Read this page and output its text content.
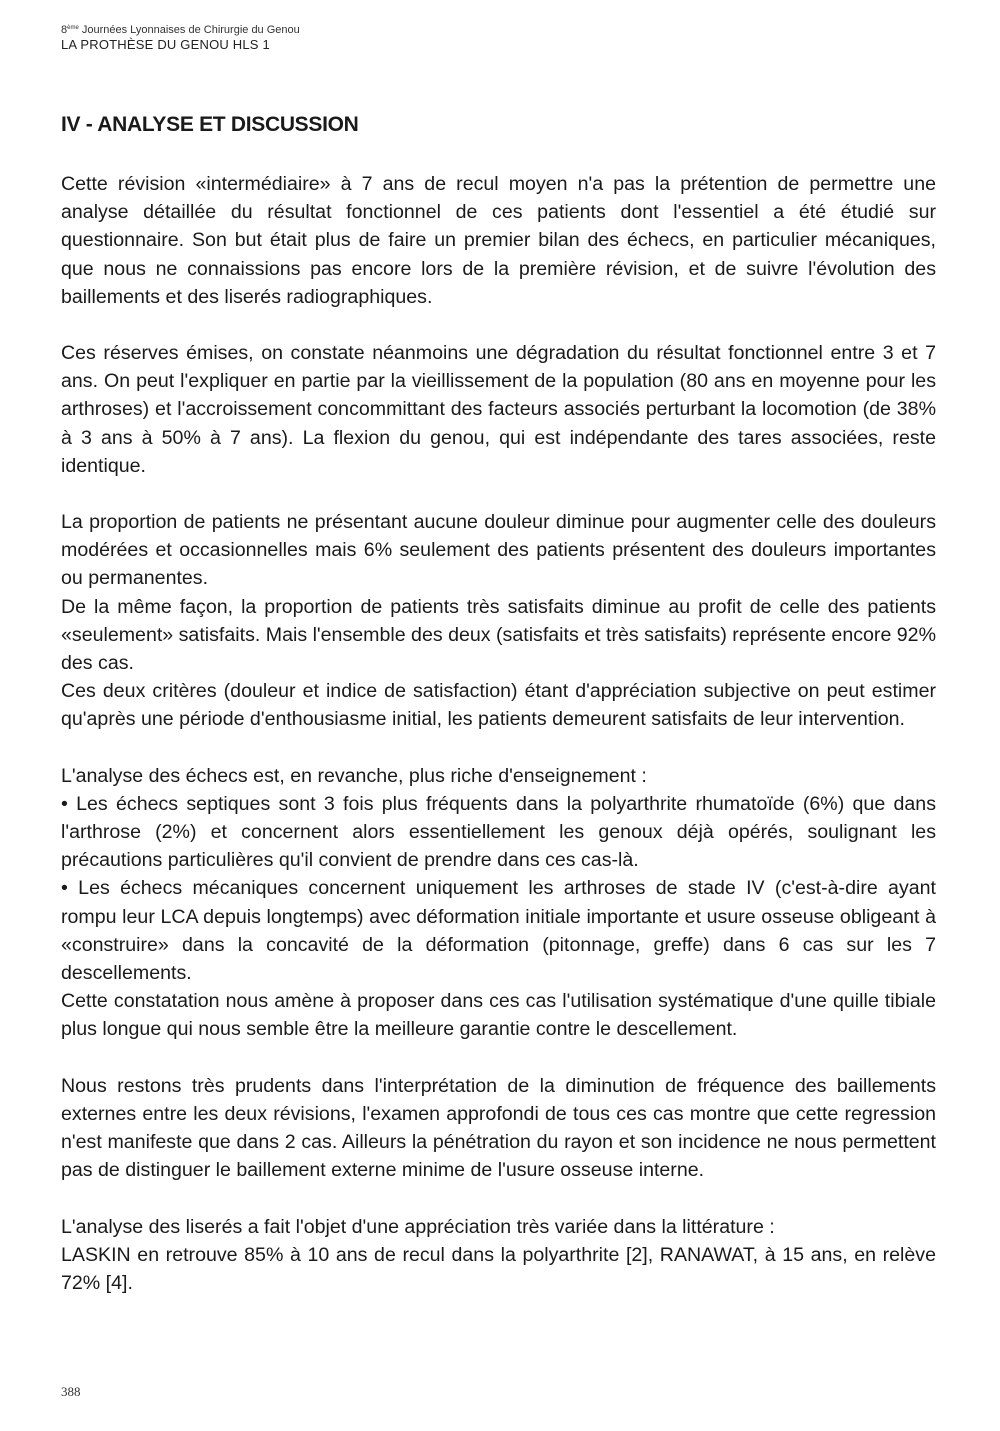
8ème Journées Lyonnaises de Chirurgie du Genou
LA PROTHÈSE DU GENOU HLS 1
IV - ANALYSE ET DISCUSSION

Cette révision «intermédiaire» à 7 ans de recul moyen n'a pas la prétention de permettre une analyse détaillée du résultat fonctionnel de ces patients dont l'essentiel a été étudié sur questionnaire. Son but était plus de faire un premier bilan des échecs, en particulier mécaniques, que nous ne connaissions pas encore lors de la première révision, et de suivre l'évolution des baillements et des liserés radiographiques.

Ces réserves émises, on constate néanmoins une dégradation du résultat fonctionnel entre 3 et 7 ans. On peut l'expliquer en partie par la vieillissement de la population (80 ans en moyenne pour les arthroses) et l'accroissement concommittant des facteurs associés perturbant la locomotion (de 38% à 3 ans à 50% à 7 ans). La flexion du genou, qui est indépendante des tares associées, reste identique.

La proportion de patients ne présentant aucune douleur diminue pour augmenter celle des douleurs modérées et occasionnelles mais 6% seulement des patients présentent des douleurs importantes ou permanentes.

De la même façon, la proportion de patients très satisfaits diminue au profit de celle des patients «seulement» satisfaits. Mais l'ensemble des deux (satisfaits et très satisfaits) représente encore 92% des cas.

Ces deux critères (douleur et indice de satisfaction) étant d'appréciation subjective on peut estimer qu'après une période d'enthousiasme initial, les patients demeurent satisfaits de leur intervention.

L'analyse des échecs est, en revanche, plus riche d'enseignement :

• Les échecs septiques sont 3 fois plus fréquents dans la polyarthrite rhumatoïde (6%) que dans l'arthrose (2%) et concernent alors essentiellement les genoux déjà opérés, soulignant les précautions particulières qu'il convient de prendre dans ces cas-là.

• Les échecs mécaniques concernent uniquement les arthroses de stade IV (c'est-à-dire ayant rompu leur LCA depuis longtemps) avec déformation initiale importante et usure osseuse obligeant à «construire» dans la concavité de la déformation (pitonnage, greffe) dans 6 cas sur les 7 descellements.

Cette constatation nous amène à proposer dans ces cas l'utilisation systématique d'une quille tibiale plus longue qui nous semble être la meilleure garantie contre le descellement.

Nous restons très prudents dans l'interprétation de la diminution de fréquence des baillements externes entre les deux révisions, l'examen approfondi de tous ces cas montre que cette regression n'est manifeste que dans 2 cas. Ailleurs la pénétration du rayon et son incidence ne nous permettent pas de distinguer le baillement externe minime de l'usure osseuse interne.

L'analyse des liserés a fait l'objet d'une appréciation très variée dans la littérature :

LASKIN en retrouve 85% à 10 ans de recul dans la polyarthrite [2], RANAWAT, à 15 ans, en relève 72% [4].

388
